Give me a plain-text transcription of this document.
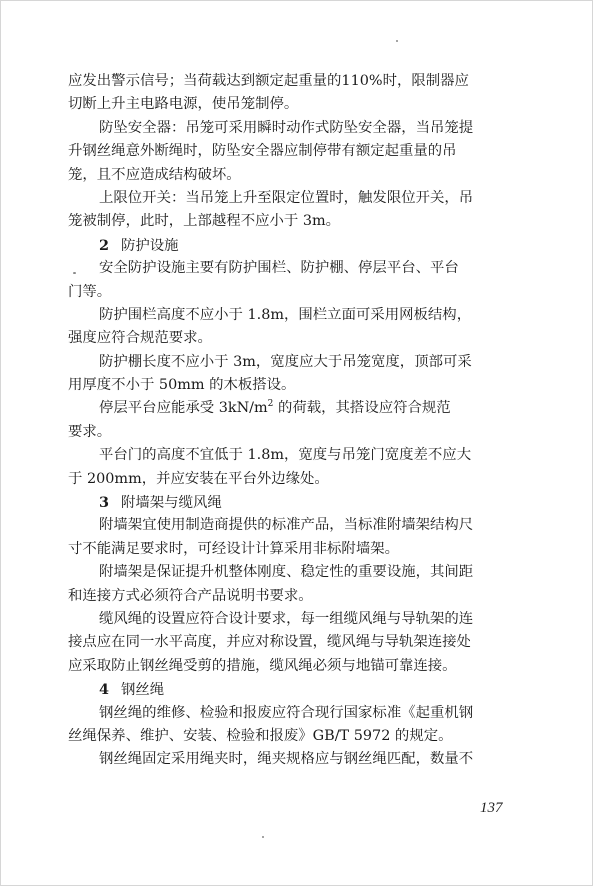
应发出警示信号；当荷载达到额定起重量的110%时，限制器应
切断上升主电路电源，使吊笼制停。
防坠安全器：吊笼可采用瞬时动作式防坠安全器，当吊笼提
升钢丝绳意外断绳时，防坠安全器应制停带有额定起重量的吊
笼，且不应造成结构破坏。
上限位开关：当吊笼上升至限定位置时，触发限位开关，吊
笼被制停，此时，上部越程不应小于 3m。
2 防护设施
安全防护设施主要有防护围栏、防护棚、停层平台、平台
门等。
防护围栏高度不应小于 1.8m，围栏立面可采用网板结构，
强度应符合规范要求。
防护棚长度不应小于 3m，宽度应大于吊笼宽度，顶部可采
用厚度不小于 50mm 的木板搭设。
停层平台应能承受 $3kN/m^2$ 的荷载，其搭设应符合规范
要求。
平台门的高度不宜低于 1.8m，宽度与吊笼门宽度差不应大
于 200mm，并应安装在平台外边缘处。
3 附墙架与缆风绳
附墙架宜使用制造商提供的标准产品，当标准附墙架结构尺
寸不能满足要求时，可经设计计算采用非标附墙架。
附墙架是保证提升机整体刚度、稳定性的重要设施，其间距
和连接方式必须符合产品说明书要求。
缆风绳的设置应符合设计要求，每一组缆风绳与导轨架的连
接点应在同一水平高度，并应对称设置，缆风绳与导轨架连接处
应采取防止钢丝绳受剪的措施，缆风绳必须与地锚可靠连接。
4 钢丝绳
钢丝绳的维修、检验和报废应符合现行国家标准《起重机钢
丝绳保养、维护、安装、检验和报废》GB/T 5972 的规定。
钢丝绳固定采用绳夹时，绳夹规格应与钢丝绳匹配，数量不
137
